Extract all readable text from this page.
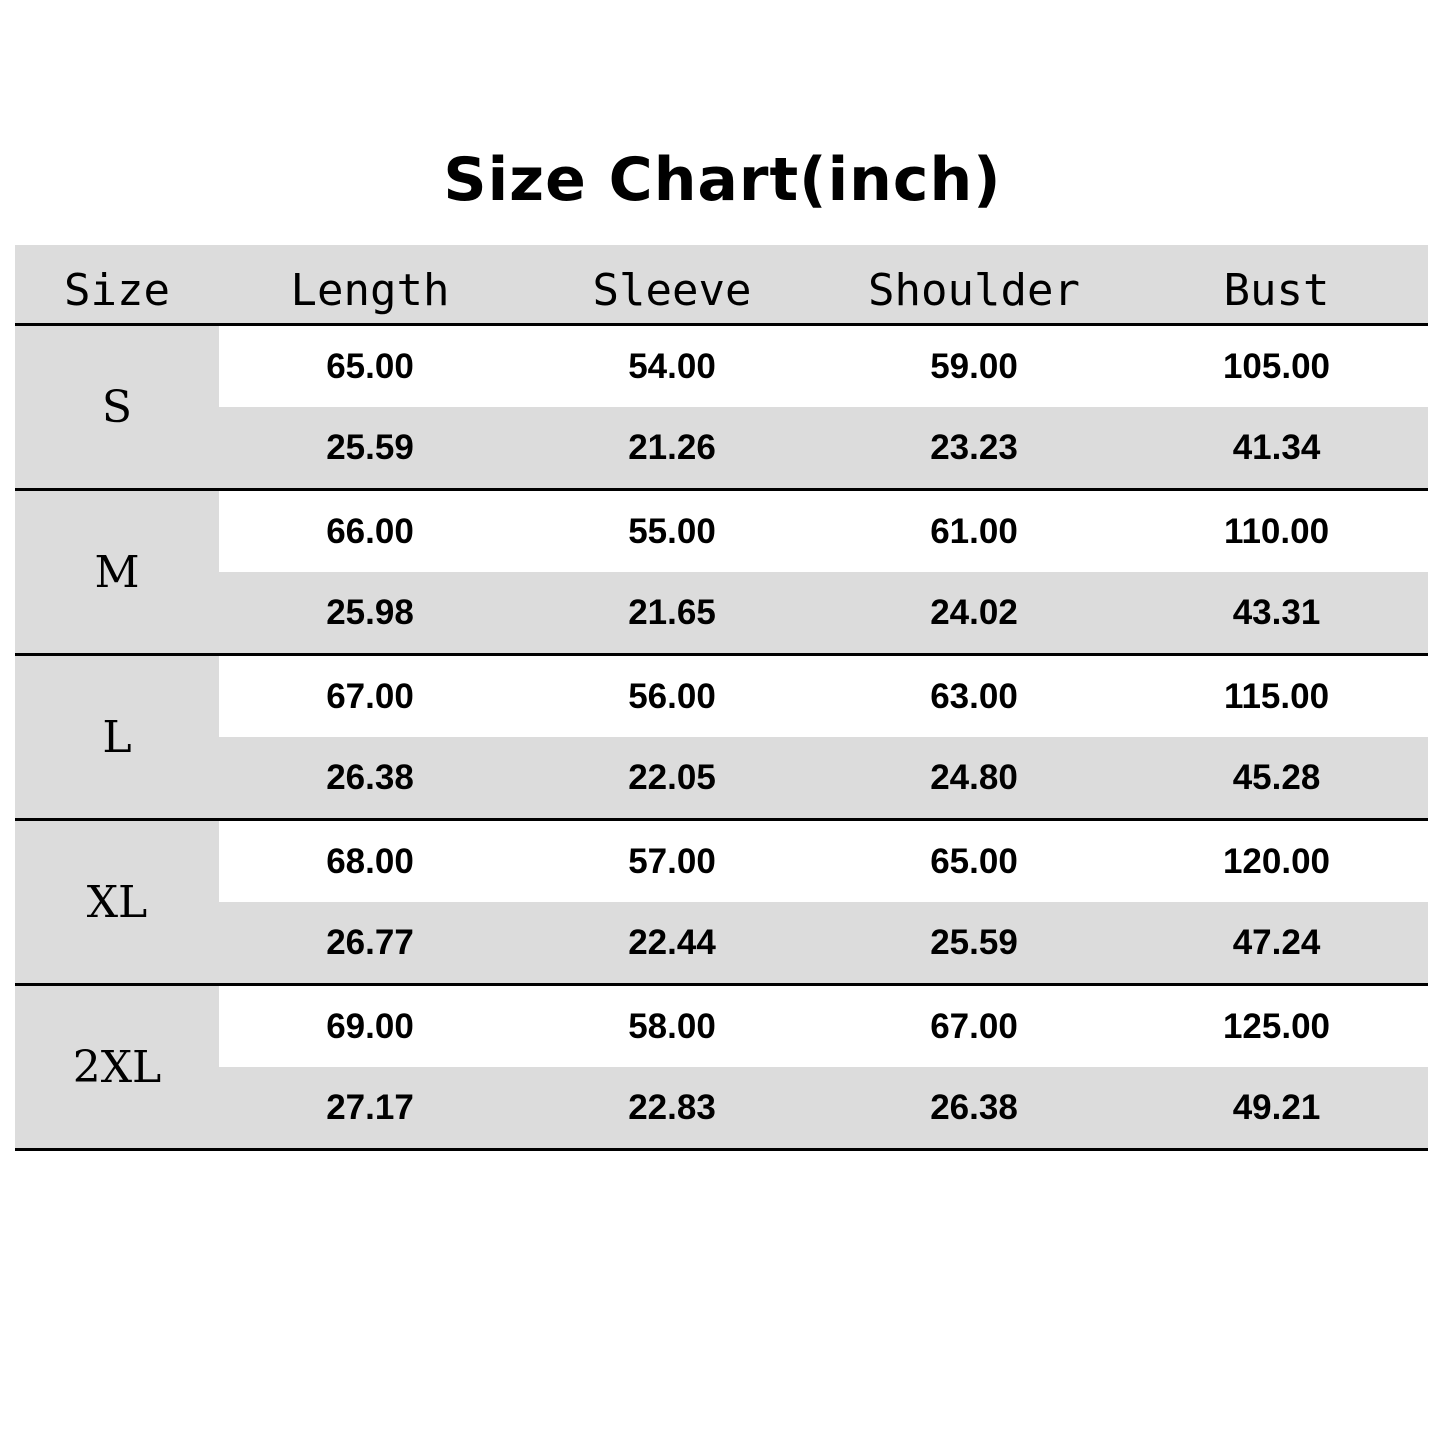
Size Chart(inch)
Size	Length	Sleeve	Shoulder	Bust
S
65.00	54.00	59.00	105.00
25.59	21.26	23.23	41.34
M
66.00	55.00	61.00	110.00
25.98	21.65	24.02	43.31
L
67.00	56.00	63.00	115.00
26.38	22.05	24.80	45.28
XL
68.00	57.00	65.00	120.00
26.77	22.44	25.59	47.24
2XL
69.00	58.00	67.00	125.00
27.17	22.83	26.38	49.21
